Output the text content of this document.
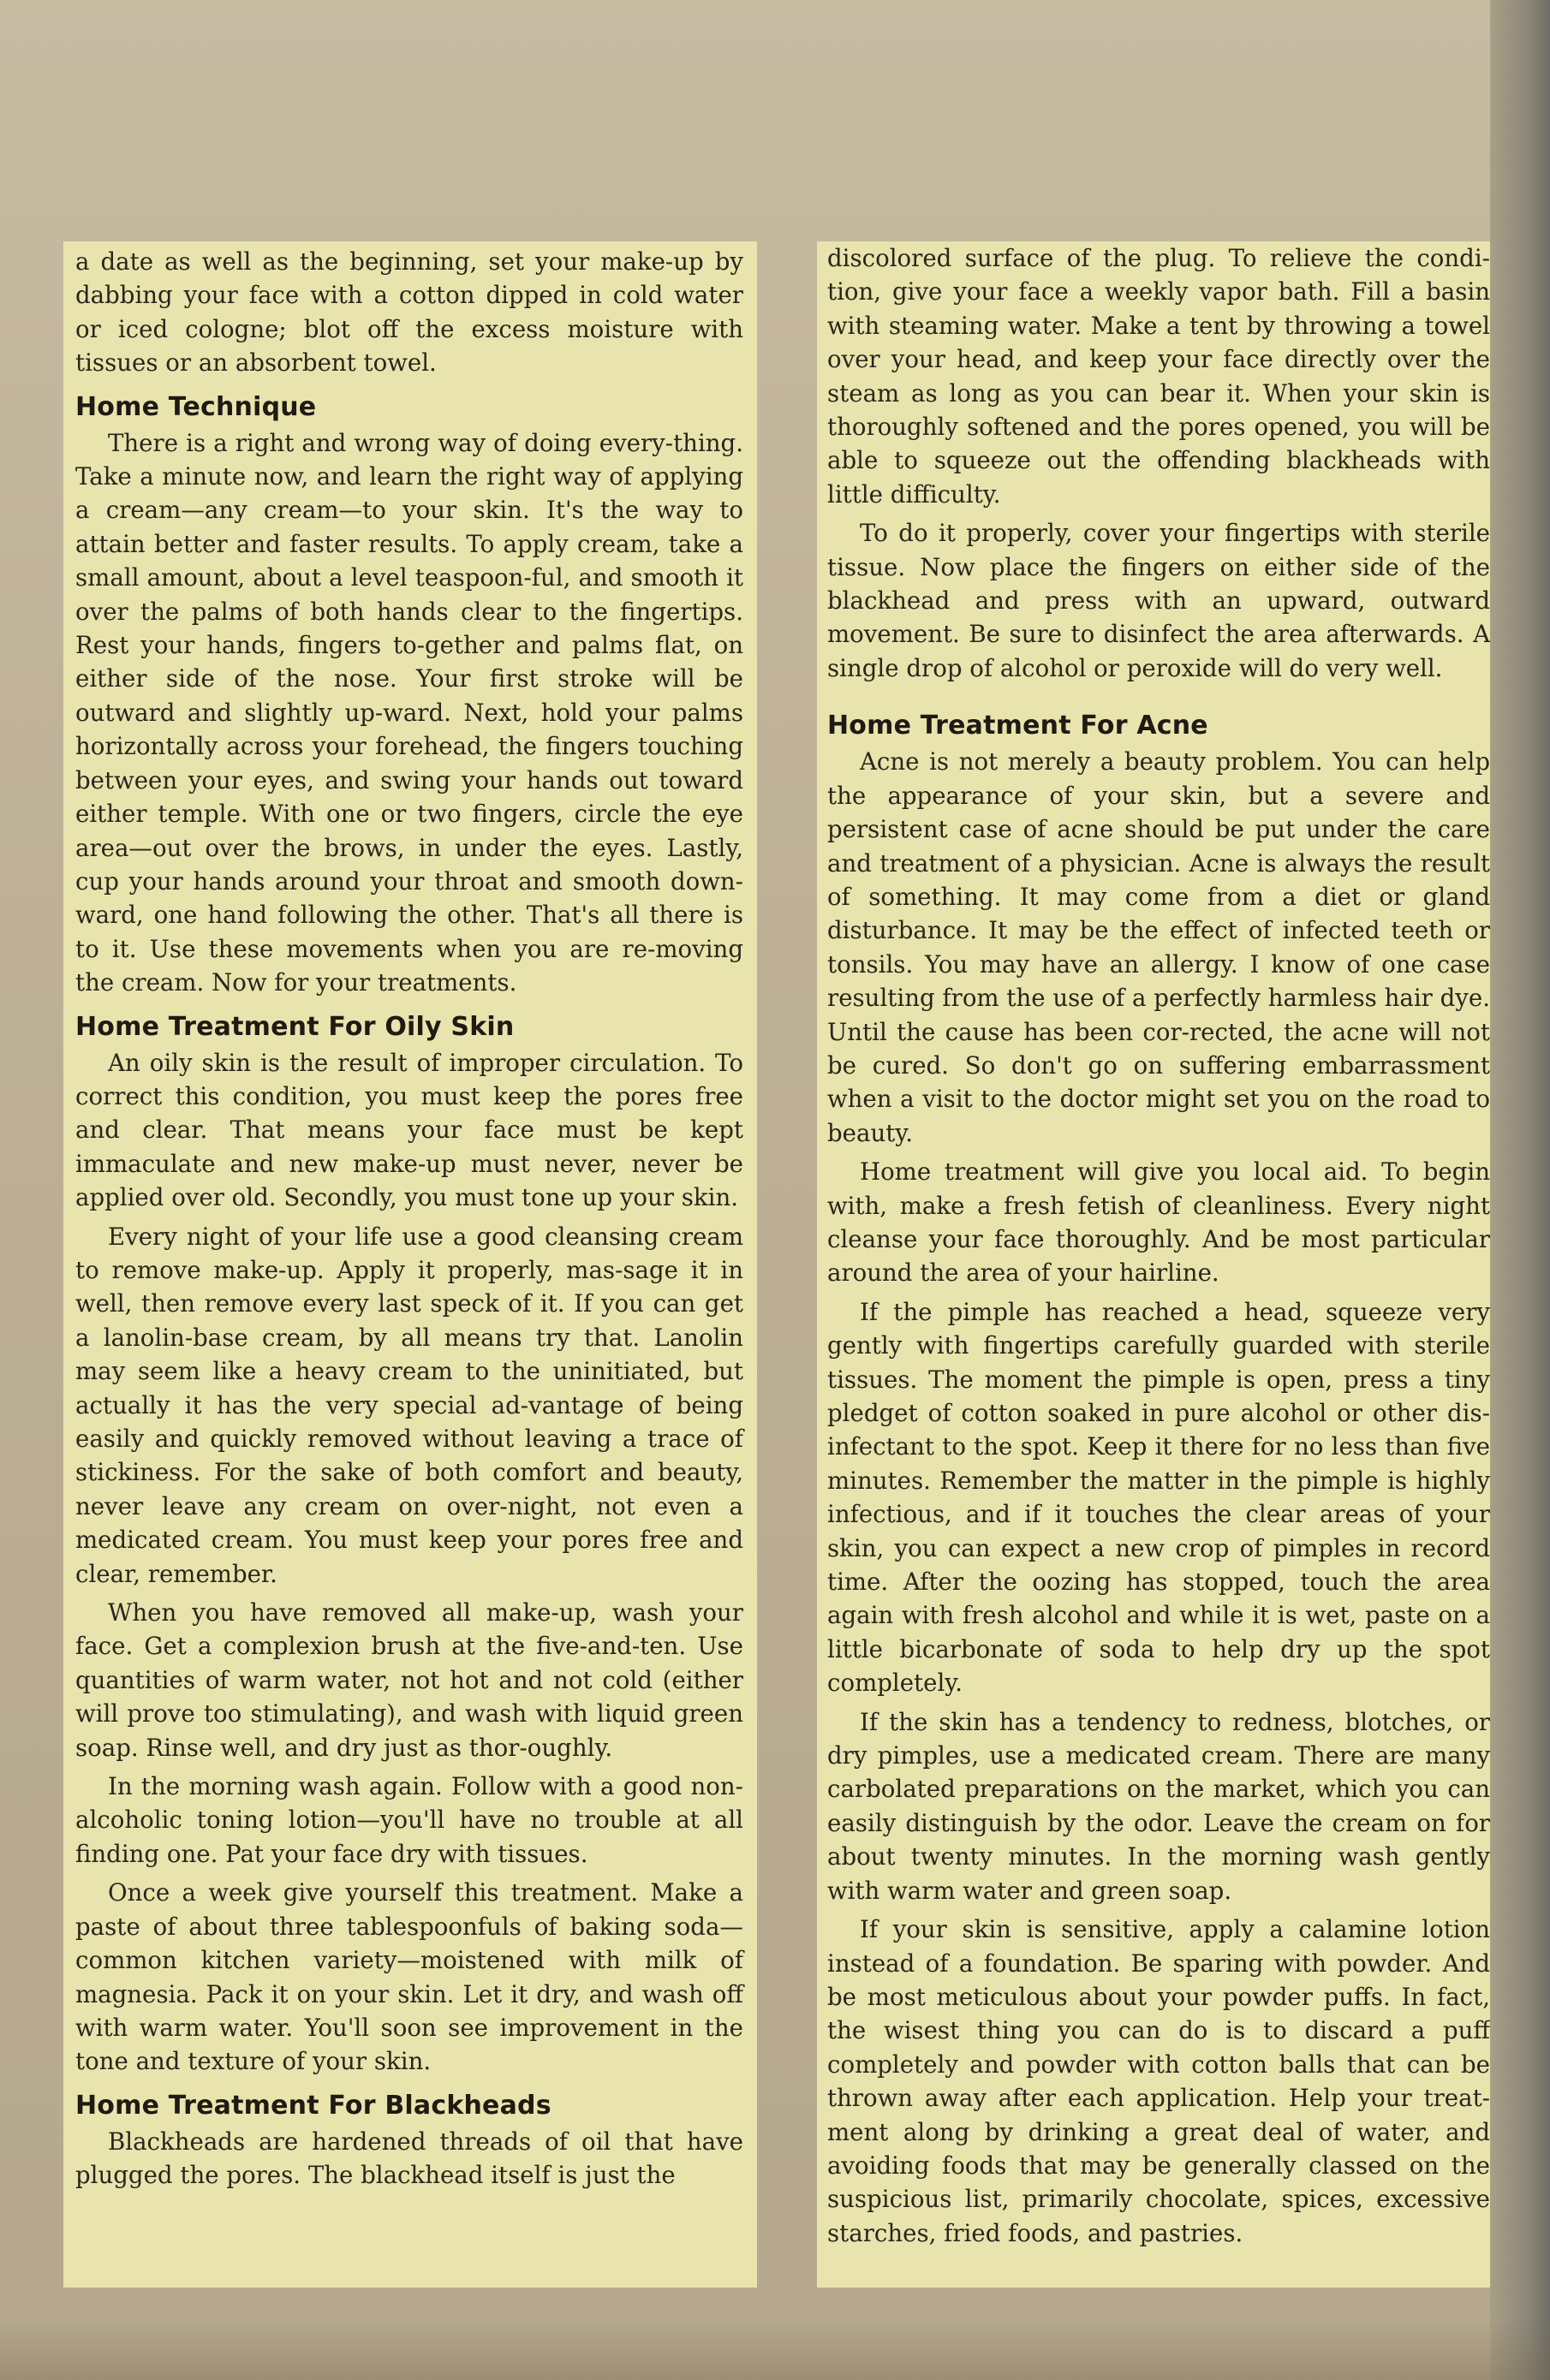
a date as well as the beginning, set your make-up by dabbing your face with a cotton dipped in cold water or iced cologne; blot off the excess moisture with tissues or an absorbent towel.

Home Technique

There is a right and wrong way of doing every-thing. Take a minute now, and learn the right way of applying a cream—any cream—to your skin. It's the way to attain better and faster results. To apply cream, take a small amount, about a level teaspoon-ful, and smooth it over the palms of both hands clear to the fingertips. Rest your hands, fingers to-gether and palms flat, on either side of the nose. Your first stroke will be outward and slightly up-ward. Next, hold your palms horizontally across your forehead, the fingers touching between your eyes, and swing your hands out toward either temple. With one or two fingers, circle the eye area—out over the brows, in under the eyes. Lastly, cup your hands around your throat and smooth down-ward, one hand following the other. That's all there is to it. Use these movements when you are re-moving the cream. Now for your treatments.

Home Treatment For Oily Skin

An oily skin is the result of improper circulation. To correct this condition, you must keep the pores free and clear. That means your face must be kept immaculate and new make-up must never, never be applied over old. Secondly, you must tone up your skin.

Every night of your life use a good cleansing cream to remove make-up. Apply it properly, mas-sage it in well, then remove every last speck of it. If you can get a lanolin-base cream, by all means try that. Lanolin may seem like a heavy cream to the uninitiated, but actually it has the very special ad-vantage of being easily and quickly removed without leaving a trace of stickiness. For the sake of both comfort and beauty, never leave any cream on over-night, not even a medicated cream. You must keep your pores free and clear, remember.

When you have removed all make-up, wash your face. Get a complexion brush at the five-and-ten. Use quantities of warm water, not hot and not cold (either will prove too stimulating), and wash with liquid green soap. Rinse well, and dry just as thor-oughly.

In the morning wash again. Follow with a good non-alcoholic toning lotion—you'll have no trouble at all finding one. Pat your face dry with tissues.

Once a week give yourself this treatment. Make a paste of about three tablespoonfuls of baking soda—common kitchen variety—moistened with milk of magnesia. Pack it on your skin. Let it dry, and wash off with warm water. You'll soon see improvement in the tone and texture of your skin.

Home Treatment For Blackheads

Blackheads are hardened threads of oil that have plugged the pores. The blackhead itself is just the

discolored surface of the plug. To relieve the condi-tion, give your face a weekly vapor bath. Fill a basin with steaming water. Make a tent by throwing a towel over your head, and keep your face directly over the steam as long as you can bear it. When your skin is thoroughly softened and the pores opened, you will be able to squeeze out the offending blackheads with little difficulty.

To do it properly, cover your fingertips with sterile tissue. Now place the fingers on either side of the blackhead and press with an upward, outward movement. Be sure to disinfect the area afterwards. A single drop of alcohol or peroxide will do very well.

Home Treatment For Acne

Acne is not merely a beauty problem. You can help the appearance of your skin, but a severe and persistent case of acne should be put under the care and treatment of a physician. Acne is always the result of something. It may come from a diet or gland disturbance. It may be the effect of infected teeth or tonsils. You may have an allergy. I know of one case resulting from the use of a perfectly harmless hair dye. Until the cause has been cor-rected, the acne will not be cured. So don't go on suffering embarrassment when a visit to the doctor might set you on the road to beauty.

Home treatment will give you local aid. To begin with, make a fresh fetish of cleanliness. Every night cleanse your face thoroughly. And be most particular around the area of your hairline.

If the pimple has reached a head, squeeze very gently with fingertips carefully guarded with sterile tissues. The moment the pimple is open, press a tiny pledget of cotton soaked in pure alcohol or other dis-infectant to the spot. Keep it there for no less than five minutes. Remember the matter in the pimple is highly infectious, and if it touches the clear areas of your skin, you can expect a new crop of pimples in record time. After the oozing has stopped, touch the area again with fresh alcohol and while it is wet, paste on a little bicarbonate of soda to help dry up the spot completely.

If the skin has a tendency to redness, blotches, or dry pimples, use a medicated cream. There are many carbolated preparations on the market, which you can easily distinguish by the odor. Leave the cream on for about twenty minutes. In the morning wash gently with warm water and green soap.

If your skin is sensitive, apply a calamine lotion instead of a foundation. Be sparing with powder. And be most meticulous about your powder puffs. In fact, the wisest thing you can do is to discard a puff completely and powder with cotton balls that can be thrown away after each application. Help your treat-ment along by drinking a great deal of water, and avoiding foods that may be generally classed on the suspicious list, primarily chocolate, spices, excessive starches, fried foods, and pastries.
